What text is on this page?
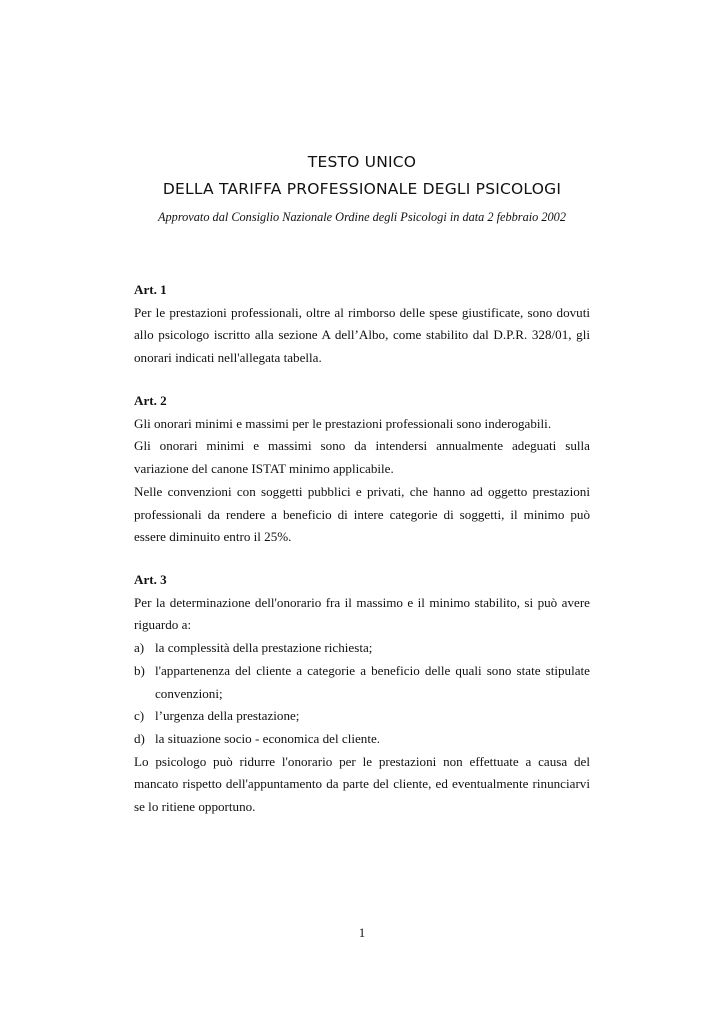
TESTO UNICO
DELLA TARIFFA PROFESSIONALE DEGLI PSICOLOGI
Approvato dal Consiglio Nazionale Ordine degli Psicologi in data 2 febbraio 2002
Art. 1
Per le prestazioni professionali, oltre al rimborso delle spese giustificate, sono dovuti allo psicologo iscritto alla sezione A dell’Albo, come stabilito dal D.P.R. 328/01, gli onorari indicati nell'allegata tabella.
Art. 2
Gli onorari minimi e massimi per le prestazioni professionali sono inderogabili.
Gli onorari minimi e massimi sono da intendersi annualmente adeguati sulla variazione del canone ISTAT minimo applicabile.
Nelle convenzioni con soggetti pubblici e privati, che hanno ad oggetto prestazioni professionali da rendere a beneficio di intere categorie di soggetti, il minimo può essere diminuito entro il 25%.
Art. 3
Per la determinazione dell'onorario fra il massimo e il minimo stabilito, si può avere riguardo a:
a) la complessità della prestazione richiesta;
b) l'appartenenza del cliente a categorie a beneficio delle quali sono state stipulate convenzioni;
c) l’urgenza della prestazione;
d) la situazione socio - economica del cliente.
Lo psicologo può ridurre l'onorario per le prestazioni non effettuate a causa del mancato rispetto dell'appuntamento da parte del cliente, ed eventualmente rinunciarvi se lo ritiene opportuno.
1
